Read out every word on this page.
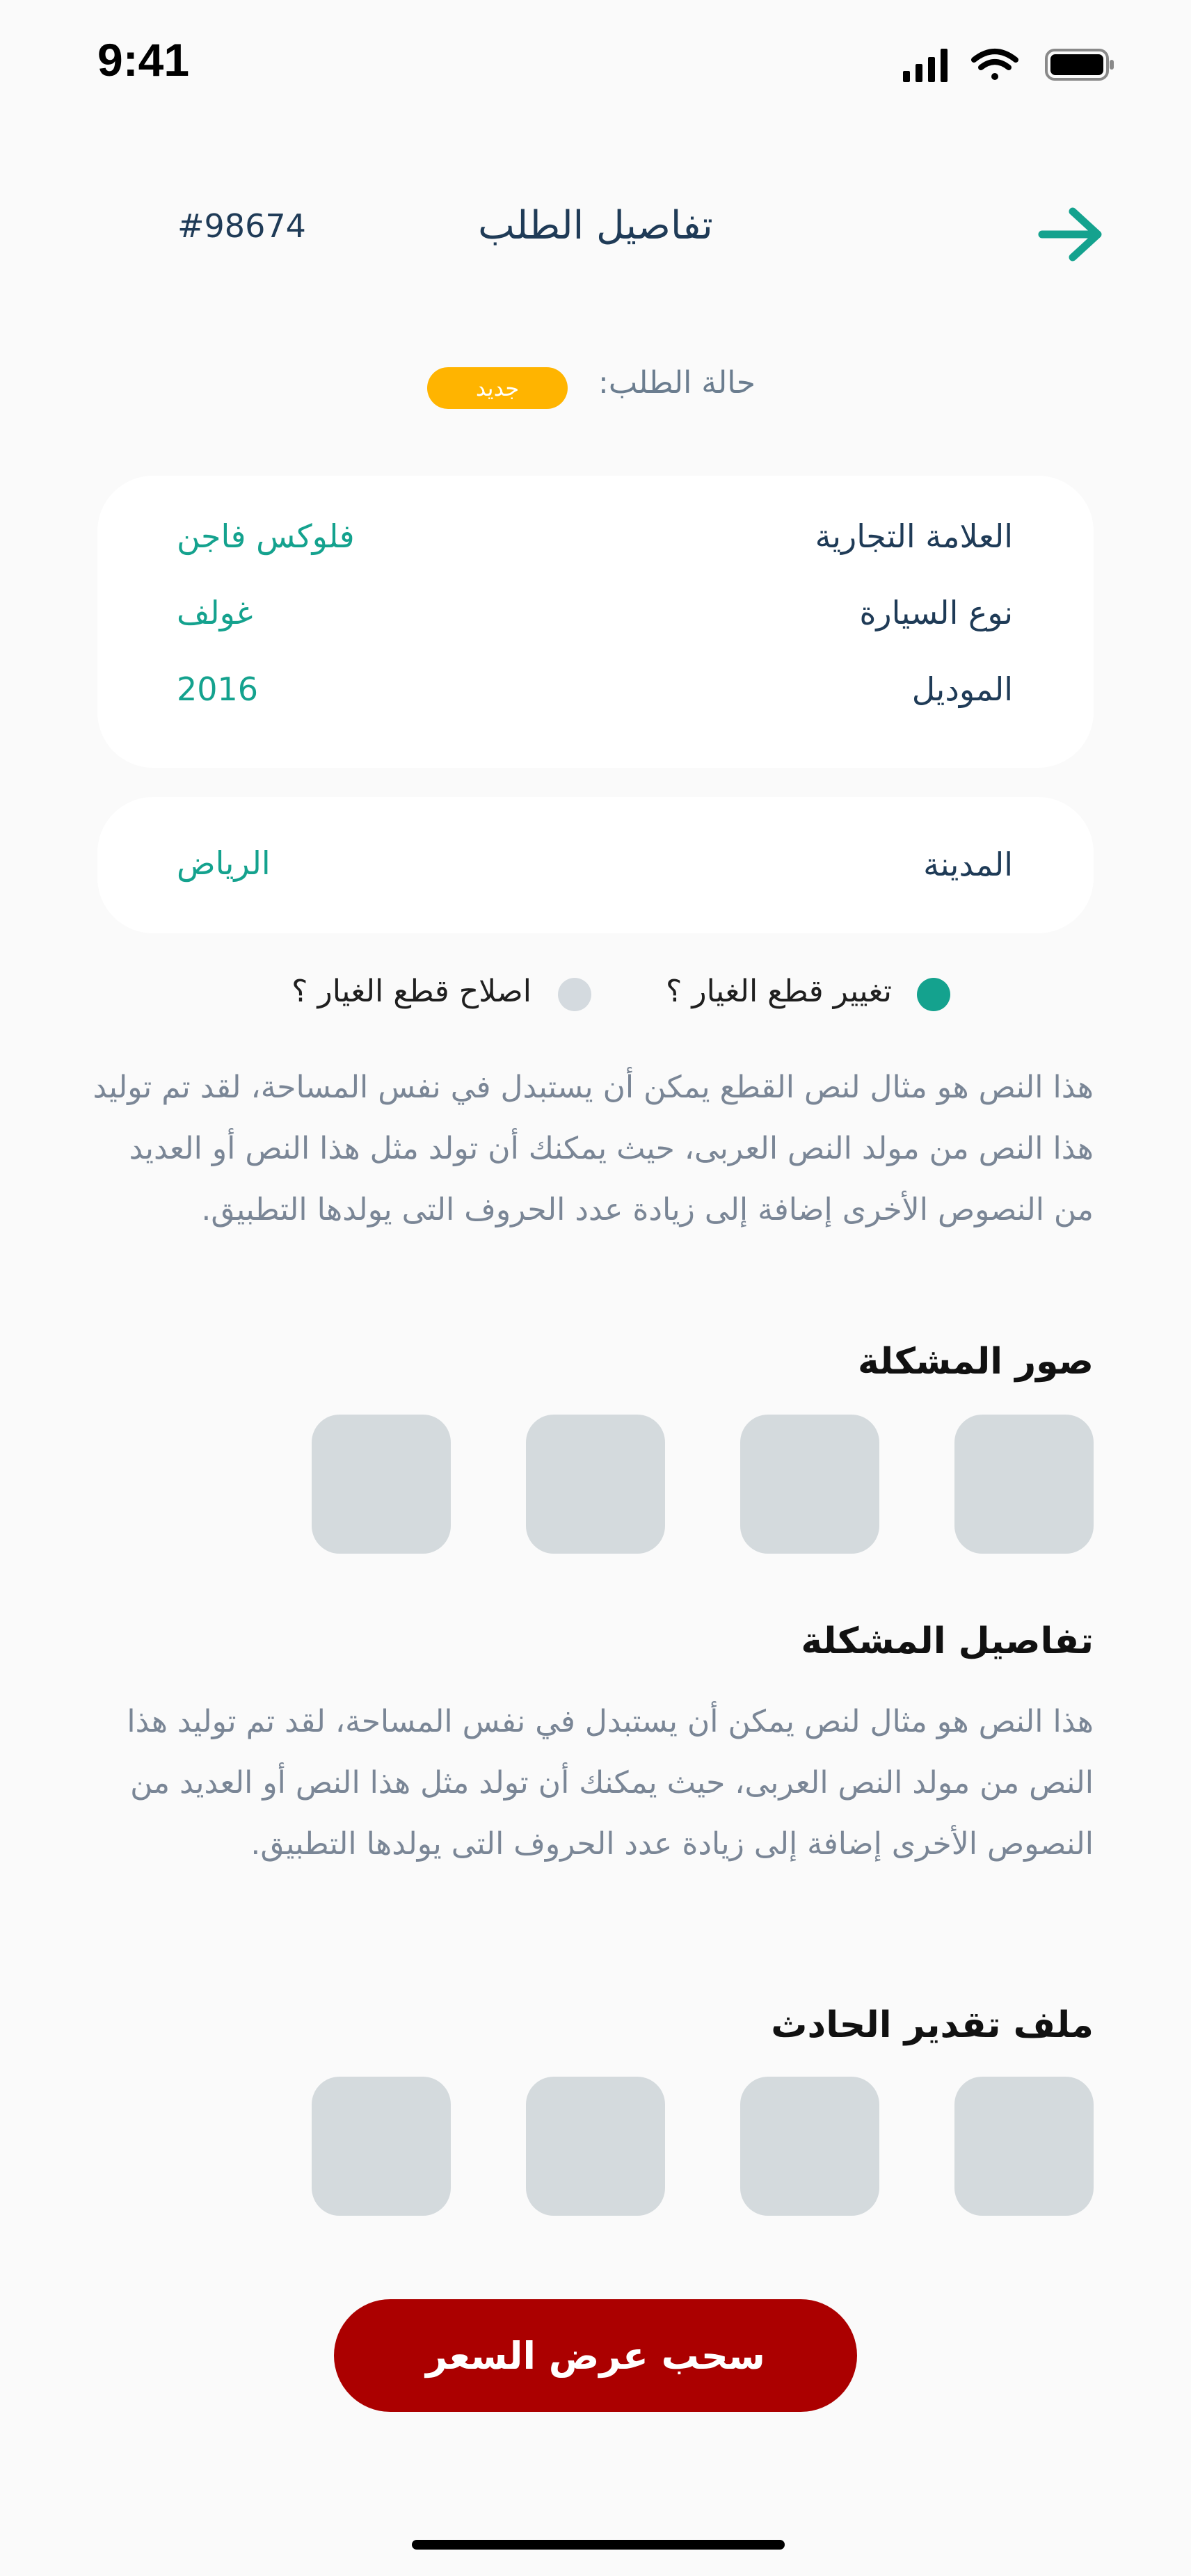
9:41
#98674	تفاصيل الطلب
حالة الطلب:
جديد
العلامة التجارية
فلوكس فاجن
نوع السيارة
غولف
الموديل
2016
المدينة
الرياض
تغيير قطع الغيار ؟
اصلاح قطع الغيار ؟
هذا النص هو مثال لنص القطع يمكن أن يستبدل في نفس المساحة، لقد تم توليد هذا النص من مولد النص العربى، حيث يمكنك أن تولد مثل هذا النص أو العديد من النصوص الأخرى إضافة إلى زيادة عدد الحروف التى يولدها التطبيق.
صور المشكلة
تفاصيل المشكلة
هذا النص هو مثال لنص يمكن أن يستبدل في نفس المساحة، لقد تم توليد هذا النص من مولد النص العربى، حيث يمكنك أن تولد مثل هذا النص أو العديد من النصوص الأخرى إضافة إلى زيادة عدد الحروف التى يولدها التطبيق.
ملف تقدير الحادث
سحب عرض السعر
